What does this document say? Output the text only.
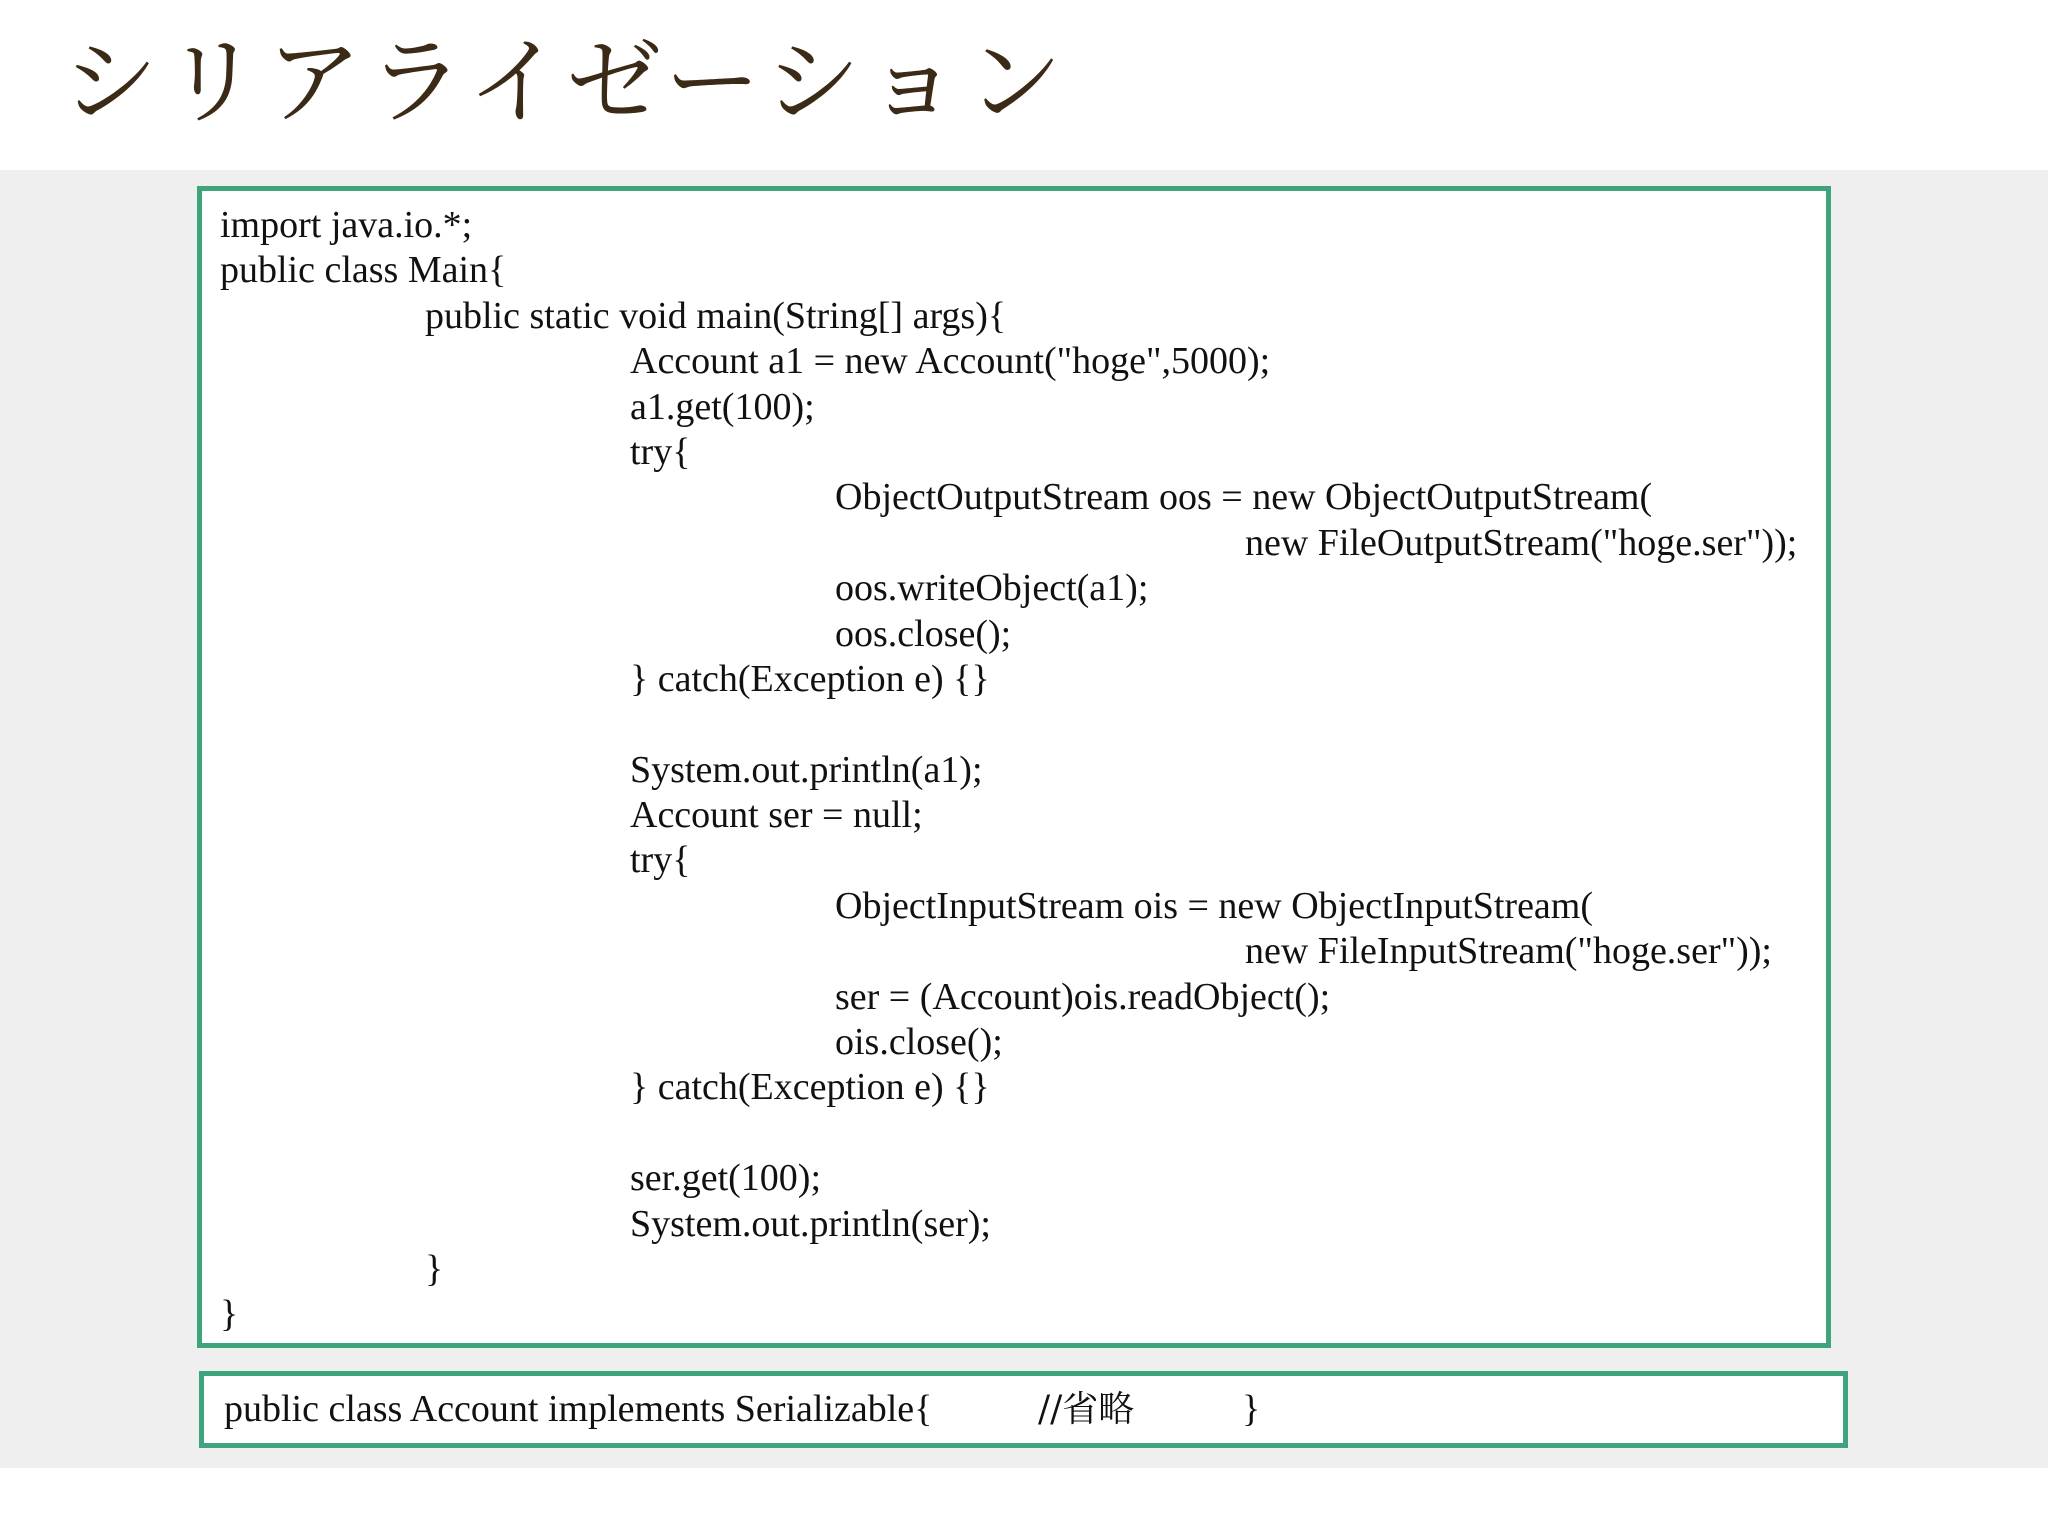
シリアライゼーション
import java.io.*;
public class Main{
public static void main(String[] args){
Account a1 = new Account("hoge",5000);
a1.get(100);
try{
ObjectOutputStream oos = new ObjectOutputStream(
new FileOutputStream("hoge.ser"));
oos.writeObject(a1);
oos.close();
} catch(Exception e) {}
System.out.println(a1);
Account ser = null;
try{
ObjectInputStream ois = new ObjectInputStream(
new FileInputStream("hoge.ser"));
ser = (Account)ois.readObject();
ois.close();
} catch(Exception e) {}
ser.get(100);
System.out.println(ser);
}
}
public class Account implements Serializable{	//省略	}
